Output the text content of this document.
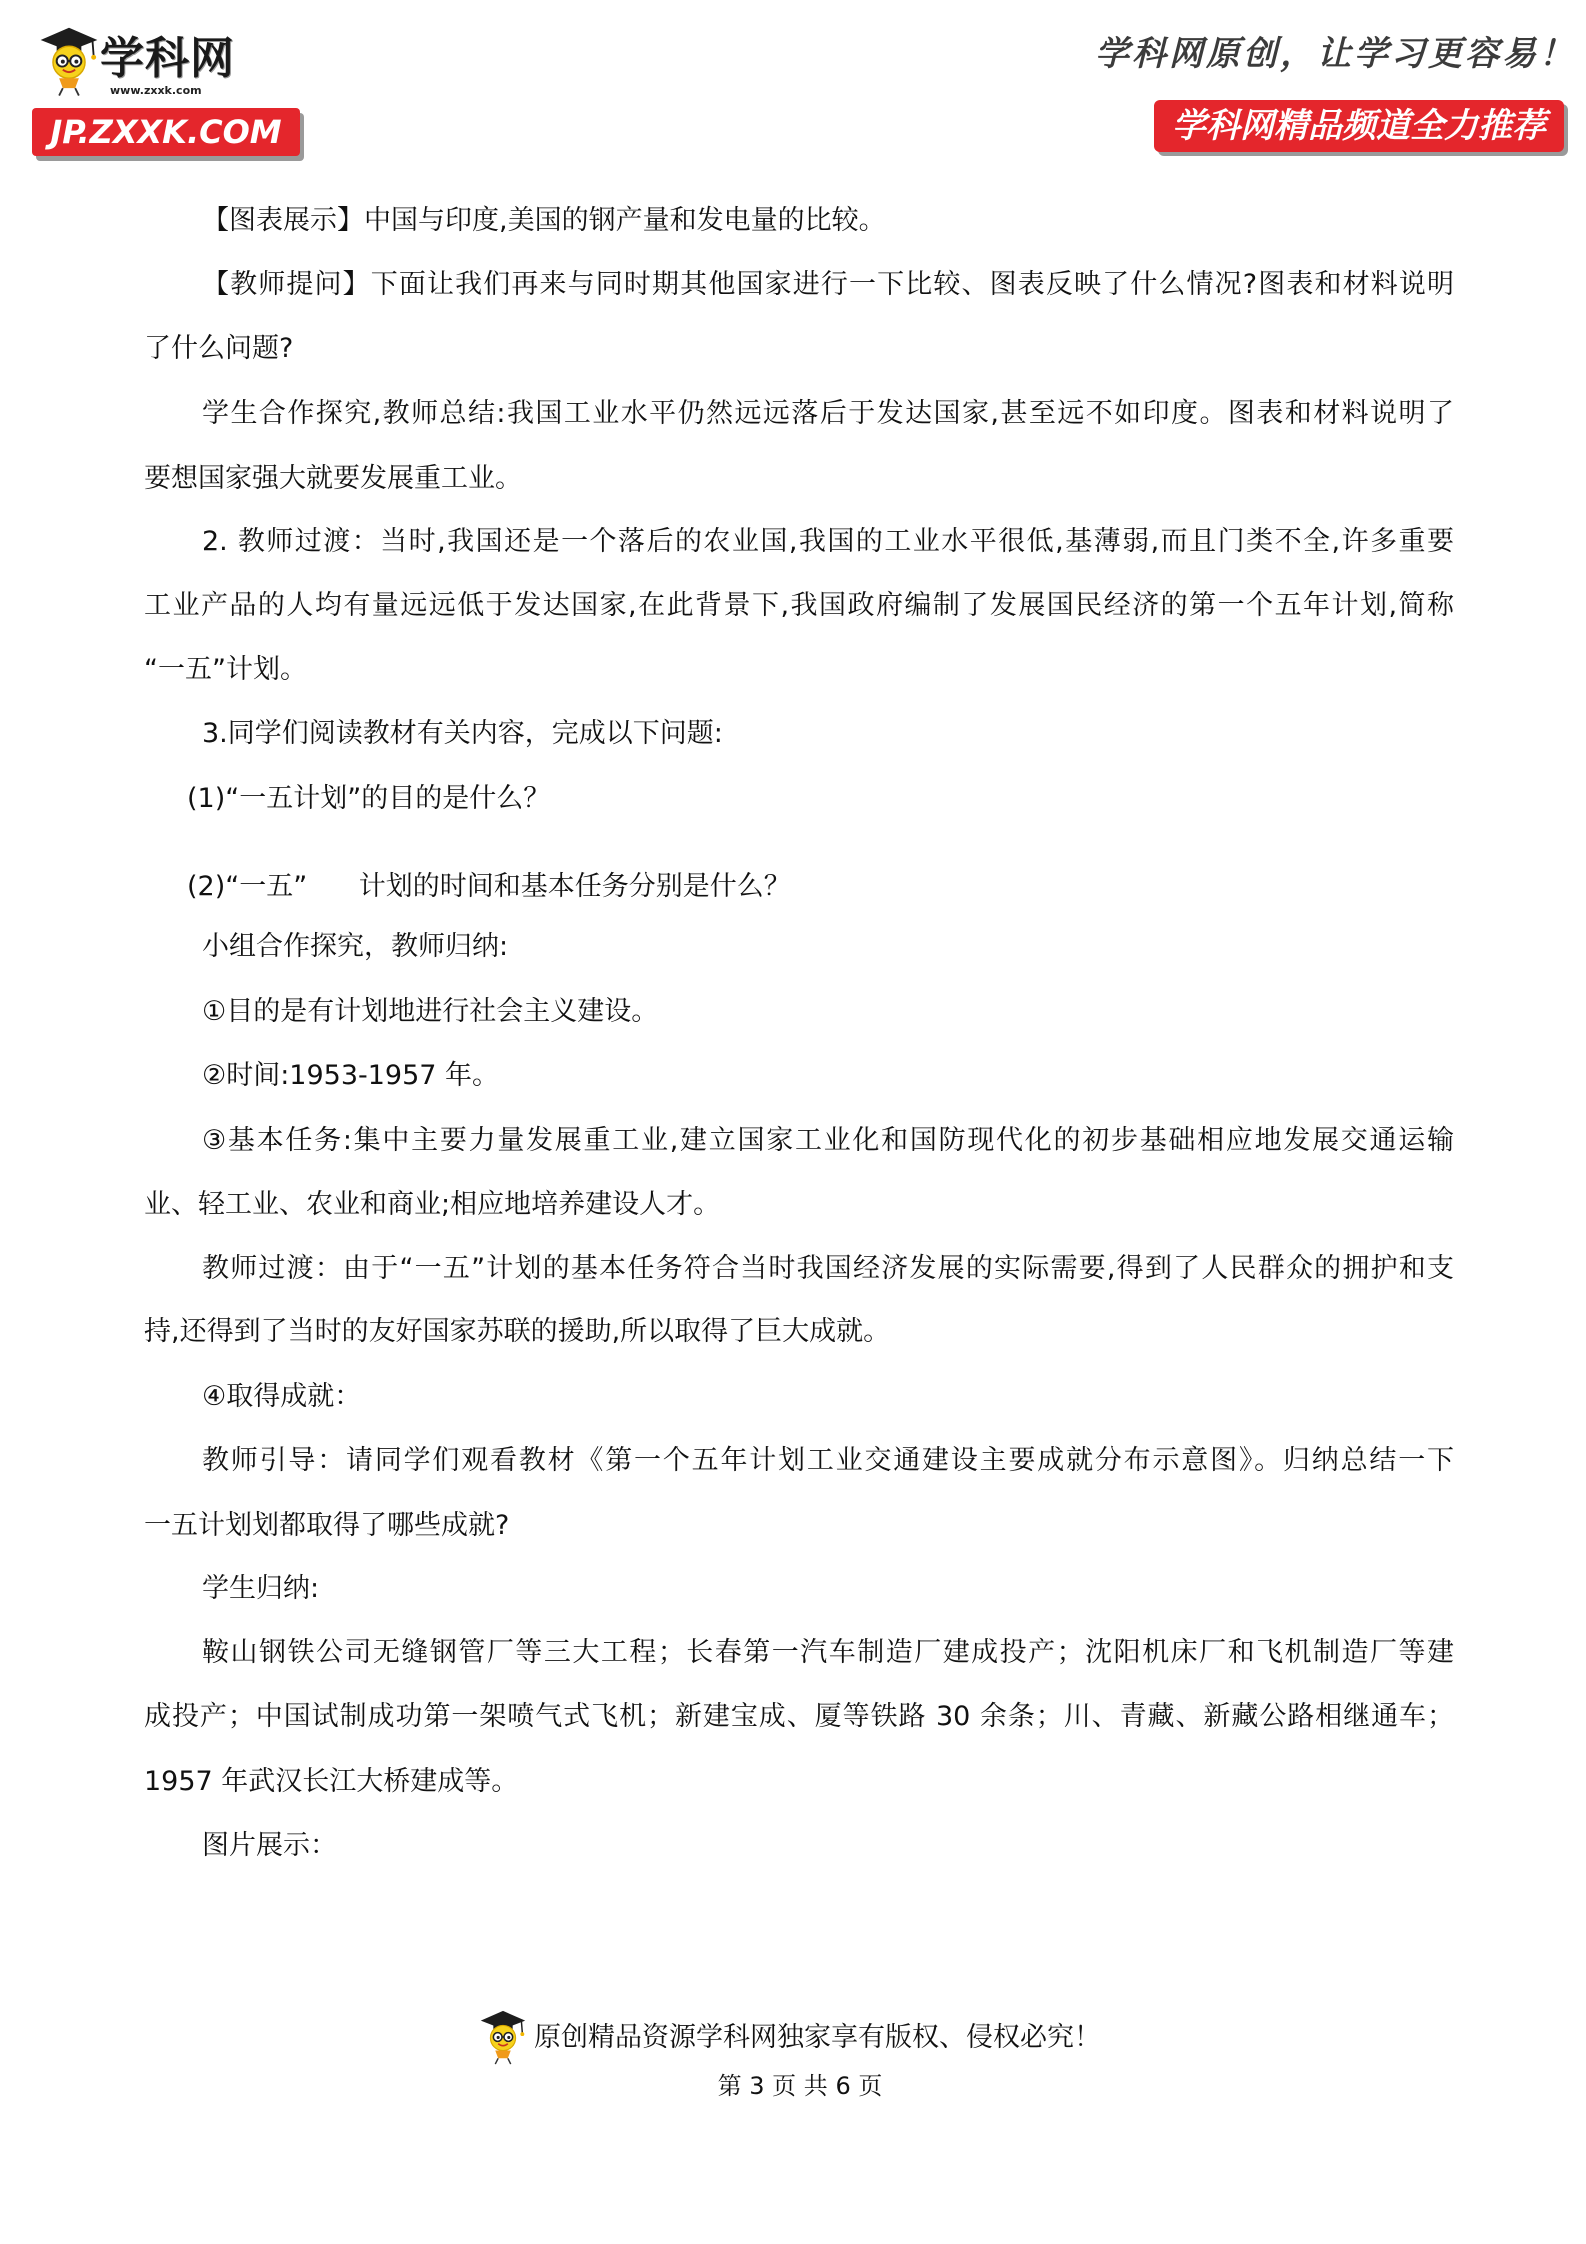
学科网
www.zxxk.com
JP.ZXXK.COM
学科网原创，让学习更容易！
学科网精品频道全力推荐
【图表展示】中国与印度,美国的钢产量和发电量的比较。
【教师提问】下面让我们再来与同时期其他国家进行一下比较、图表反映了什么情况?图表和材料说明
了什么问题?
学生合作探究,教师总结:我国工业水平仍然远远落后于发达国家,甚至远不如印度。图表和材料说明了
要想国家强大就要发展重工业。
2. 教师过渡：当时,我国还是一个落后的农业国,我国的工业水平很低,基薄弱,而且门类不全,许多重要
工业产品的人均有量远远低于发达国家,在此背景下,我国政府编制了发展国民经济的第一个五年计划,简称
“一五”计划。
3.同学们阅读教材有关内容，完成以下问题:
(1)“一五计划”的目的是什么？
(2)“一五”      计划的时间和基本任务分别是什么？
小组合作探究，教师归纳:
①目的是有计划地进行社会主义建设。
②时间:1953-1957 年。
③基本任务:集中主要力量发展重工业,建立国家工业化和国防现代化的初步基础相应地发展交通运输
业、轻工业、农业和商业;相应地培养建设人才。
教师过渡：由于“一五”计划的基本任务符合当时我国经济发展的实际需要,得到了人民群众的拥护和支
持,还得到了当时的友好国家苏联的援助,所以取得了巨大成就。
④取得成就：
教师引导：请同学们观看教材《第一个五年计划工业交通建设主要成就分布示意图》。归纳总结一下
一五计划划都取得了哪些成就?
学生归纳:
鞍山钢铁公司无缝钢管厂等三大工程；长春第一汽车制造厂建成投产；沈阳机床厂和飞机制造厂等建
成投产；中国试制成功第一架喷气式飞机；新建宝成、厦等铁路 30 余条；川、青藏、新藏公路相继通车；
1957 年武汉长江大桥建成等。
图片展示：
原创精品资源学科网独家享有版权、侵权必究！
第 3 页 共 6 页
